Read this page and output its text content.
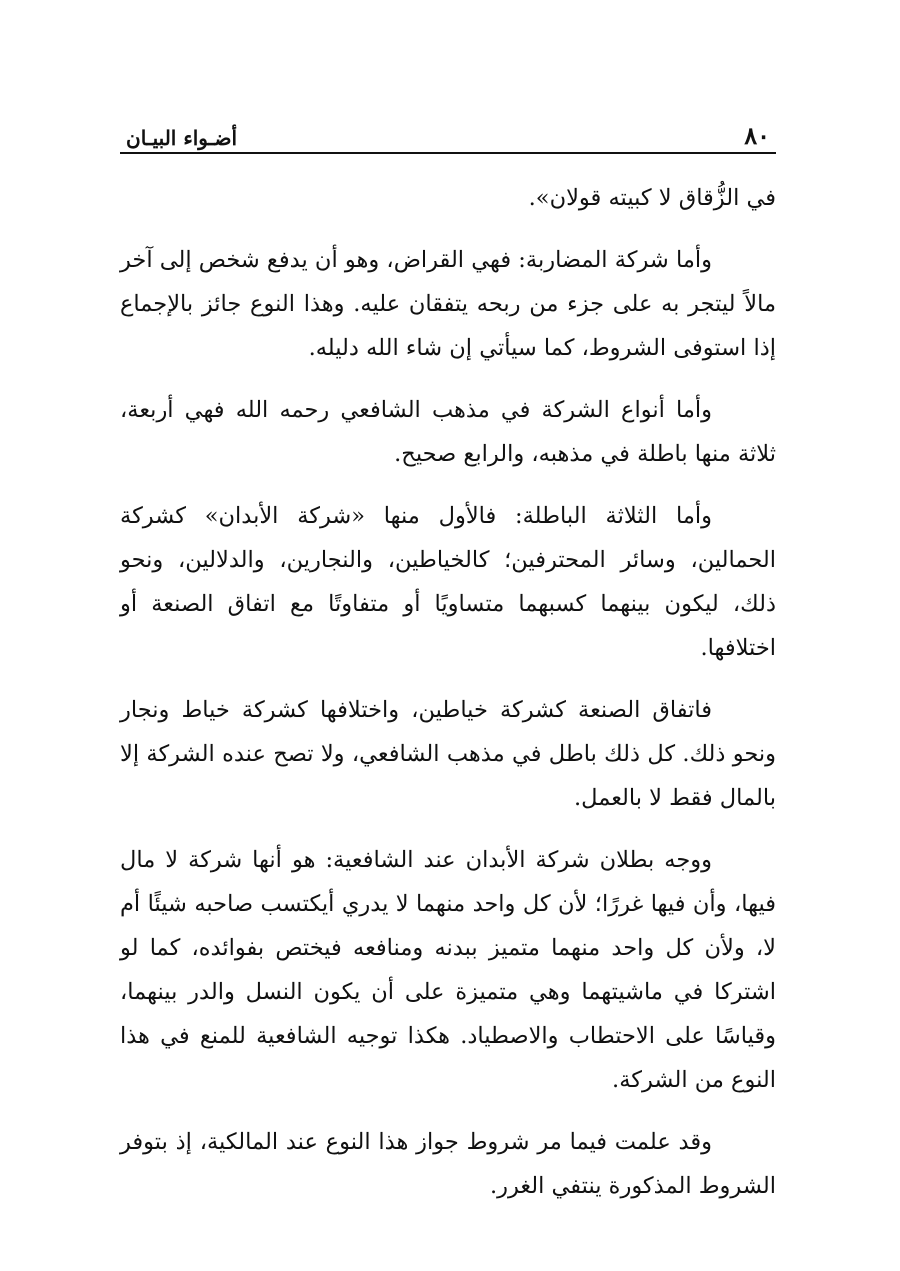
٨٠
أضـواء البيـان

في الزُّقاق لا كبيته قولان».

وأما شركة المضاربة: فهي القراض، وهو أن يدفع شخص إلى آخر مالاً ليتجر به على جزء من ربحه يتفقان عليه. وهذا النوع جائز بالإجماع إذا استوفى الشروط، كما سيأتي إن شاء الله دليله.

وأما أنواع الشركة في مذهب الشافعي رحمه الله فهي أربعة، ثلاثة منها باطلة في مذهبه، والرابع صحيح.

وأما الثلاثة الباطلة: فالأول منها «شركة الأبدان» كشركة الحمالين، وسائر المحترفين؛ كالخياطين، والنجارين، والدلالين، ونحو ذلك، ليكون بينهما كسبهما متساويًا أو متفاوتًا مع اتفاق الصنعة أو اختلافها.

فاتفاق الصنعة كشركة خياطين، واختلافها كشركة خياط ونجار ونحو ذلك. كل ذلك باطل في مذهب الشافعي، ولا تصح عنده الشركة إلا بالمال فقط لا بالعمل.

ووجه بطلان شركة الأبدان عند الشافعية: هو أنها شركة لا مال فيها، وأن فيها غررًا؛ لأن كل واحد منهما لا يدري أيكتسب صاحبه شيئًا أم لا، ولأن كل واحد منهما متميز ببدنه ومنافعه فيختص بفوائده، كما لو اشتركا في ماشيتهما وهي متميزة على أن يكون النسل والدر بينهما، وقياسًا على الاحتطاب والاصطياد. هكذا توجيه الشافعية للمنع في هذا النوع من الشركة.

وقد علمت فيما مر شروط جواز هذا النوع عند المالكية، إذ بتوفر الشروط المذكورة ينتفي الغرر.
